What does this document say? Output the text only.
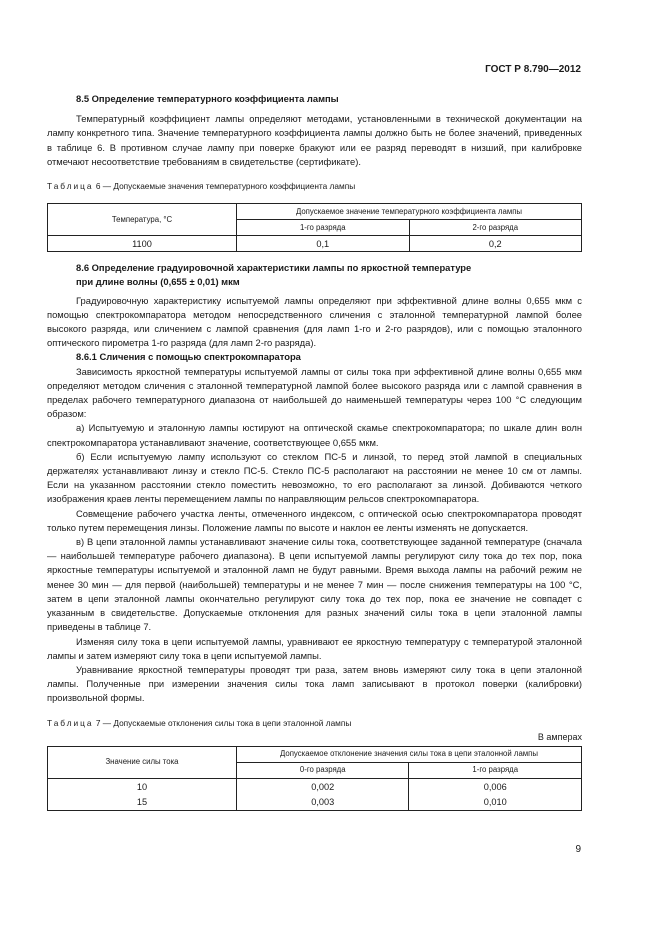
ГОСТ Р 8.790—2012

8.5 Определение температурного коэффициента лампы

Температурный коэффициент лампы определяют методами, установленными в технической документации на лампу конкретного типа. Значение температурного коэффициента лампы должно быть не более значений, приведенных в таблице 6. В противном случае лампу при поверке бракуют или ее разряд переводят в низший, при калибровке отмечают несоответствие требованиям в свидетельстве (сертификате).

Таблица 6 — Допускаемые значения температурного коэффициента лампы

Температура, °С	Допускаемое значение температурного коэффициента лампы	
	1-го разряда	2-го разряда
1100	0,1	0,2

8.6 Определение градуировочной характеристики лампы по яркостной температуре

при длине волны (0,655 ± 0,01) мкм

Градуировочную характеристику испытуемой лампы определяют при эффективной длине волны 0,655 мкм с помощью спектрокомпаратора методом непосредственного сличения с эталонной температурной лампой более высокого разряда, или сличением с лампой сравнения (для ламп 1-го и 2-го разрядов), или с помощью эталонного оптического пирометра 1-го разряда (для ламп 2-го разряда).

8.6.1 Сличения с помощью спектрокомпаратора

Зависимость яркостной температуры испытуемой лампы от силы тока при эффективной длине волны 0,655 мкм определяют методом сличения с эталонной температурной лампой более высокого разряда или с лампой сравнения в пределах рабочего температурного диапазона от наибольшей до наименьшей температуры через 100 °С следующим образом:

а) Испытуемую и эталонную лампы юстируют на оптической скамье спектрокомпаратора; по шкале длин волн спектрокомпаратора устанавливают значение, соответствующее 0,655 мкм.

б) Если испытуемую лампу используют со стеклом ПС-5 и линзой, то перед этой лампой в специальных держателях устанавливают линзу и стекло ПС-5. Стекло ПС-5 располагают на расстоянии не менее 10 см от лампы. Если на указанном расстоянии стекло поместить невозможно, то его располагают за линзой. Добиваются четкого изображения краев ленты перемещением лампы по направляющим рельсов спектрокомпаратора.

Совмещение рабочего участка ленты, отмеченного индексом, с оптической осью спектрокомпаратора проводят только путем перемещения линзы. Положение лампы по высоте и наклон ее ленты изменять не допускается.

в) В цепи эталонной лампы устанавливают значение силы тока, соответствующее заданной температуре (сначала — наибольшей температуре рабочего диапазона). В цепи испытуемой лампы регулируют силу тока до тех пор, пока яркостные температуры испытуемой и эталонной ламп не будут равными. Время выхода лампы на рабочий режим не менее 30 мин — для первой (наибольшей) температуры и не менее 7 мин — после снижения температуры на 100 °С, затем в цепи эталонной лампы окончательно регулируют силу тока до тех пор, пока ее значение не совпадет с указанным в свидетельстве. Допускаемые отклонения для разных значений силы тока в цепи эталонной лампы приведены в таблице 7.

Изменяя силу тока в цепи испытуемой лампы, уравнивают ее яркостную температуру с температурой эталонной лампы и затем измеряют силу тока в цепи испытуемой лампы.

Уравнивание яркостной температуры проводят три раза, затем вновь измеряют силу тока в цепи эталонной лампы. Полученные при измерении значения силы тока ламп записывают в протокол поверки (калибровки) произвольной формы.

Таблица 7 — Допускаемые отклонения силы тока в цепи эталонной лампы

В амперах

Значение силы тока	Допускаемое отклонение значения силы тока в цепи эталонной лампы	
	0-го разряда	1-го разряда
10	0,002	0,006
15	0,003	0,010
9
